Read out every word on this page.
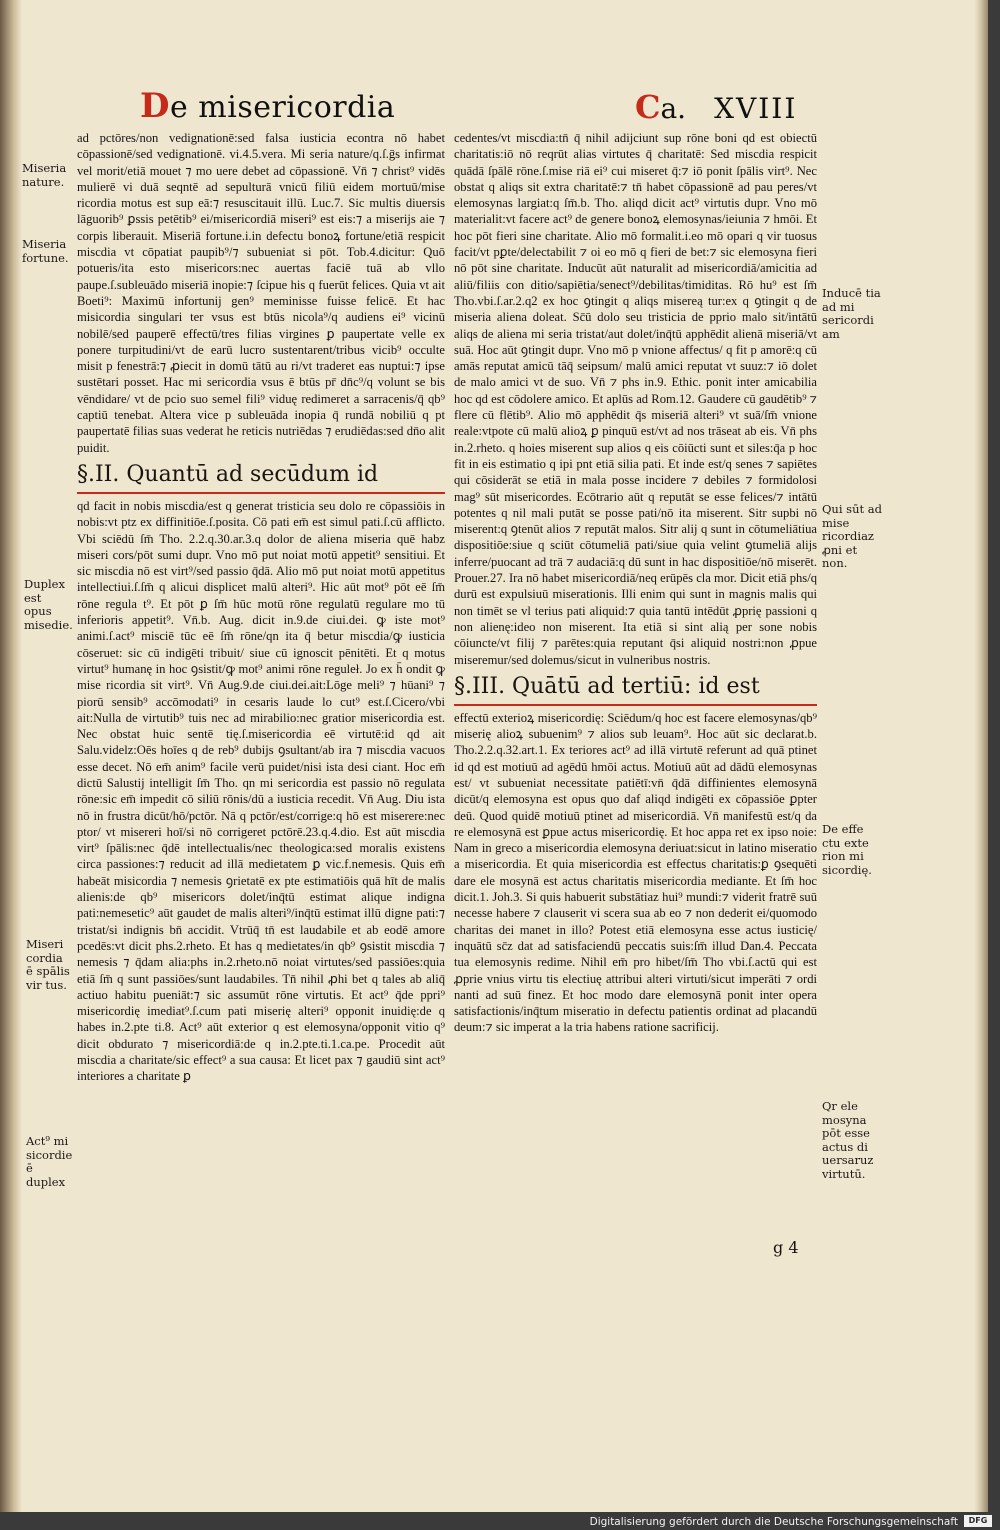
De misericordia	Ca. XVIII

ad pctōres/non vedignationē:sed falsa iusticia econtra nō habet cōpassionē/sed vedignationē. vi.4.5.vera. Mi seria nature/q.ſ.ḡs infirmat vel morit/etiā mouet ⁊ mo uere debet ad cōpassionē. Vn̄ ⁊ christ⁹ vidēs mulierē vi duā seqntē ad sepulturā vnicū filiū eidem mortuū/mise ricordia motus est sup eā:⁊ resuscitauit illū. Luc.7. Sic multis diuersis lāguorib⁹ ꝑssis petētib⁹ ei/misericordiā miseri⁹ est eis:⁊ a miserijs aie ⁊ corpis liberauit. Miseriā fortune.i.in defectu bonoꝝ fortune/etiā respicit miscdia vt cōpatiat paupib⁹/⁊ subueniat si pōt. Tob.4.dicitur: Quō potueris/ita esto misericors:nec auertas faciē tuā ab vllo paupe.ſ.subleuādo miseriā inopie:⁊ ſcipue his q fuerūt felices. Quia vt ait Boeti⁹: Maximū infortunij gen⁹ meminisse fuisse felicē. Et hac misicordia singulari ter vsus est btūs nicola⁹/q audiens ei⁹ vicinū nobilē/sed pauperē effectū/tres filias virgines ꝑ paupertate velle ex ponere turpitudini/vt de earū lucro sustentarent/tribus vicib⁹ occulte misit p fenestrā:⁊ ꝓiecit in domū tātū au ri/vt traderet eas nuptui:⁊ ipse sustētari posset. Hac mi sericordia vsus ē btūs pr̄ dn̄c⁹/q volunt se bis vēndidare/ vt de pcio suo semel fili⁹ viduę redimeret a sarracenis/q̄ qb⁹ captiū tenebat. Altera vice p subleuāda inopia q̄ rundā nobiliū q pt paupertatē filias suas vederat he reticis nutriēdas ⁊ erudiēdas:sed dn̄o alit puidit.

§.II. Quantū ad secūdum id

qd facit in nobis miscdia/est q generat tristicia seu dolo re cōpassiōis in nobis:vt ptz ex diffinitiōe.ſ.posita. Cō pati em̄ est simul pati.ſ.cū afflicto. Vbi sciēdū ſm̄ Tho. 2.2.q.30.ar.3.q dolor de aliena miseria quē habz miseri cors/pōt sumi dupr. Vno mō put noiat motū appetit⁹ sensitiui. Et sic miscdia nō est virt⁹/sed passio q̄dā. Alio mō put noiat motū appetitus intellectiui.ſ.ſm̄ q alicui displicet malū alteri⁹. Hic aūt mot⁹ pōt eē ſm̄ rōne regula t⁹. Et pōt ꝑ ſm̄ hūc motū rōne regulatū regulare mo tū inferioris appetit⁹. Vn̄.b. Aug. dicit in.9.de ciui.dei. ꝙ iste mot⁹ animi.ſ.act⁹ misciē tūc eē ſm̄ rōne/qn ita q̄ betur miscdia/ꝙ iusticia cōseruet: sic cū indigēti tribuit/ siue cū ignoscit pēnitēti. Et q motus virtut⁹ humanę in hoc ꝯsistit/ꝙ mot⁹ animi rōne reguleł. Jo ex h̄ ondit ꝙ mise ricordia sit virt⁹. Vn̄ Aug.9.de ciui.dei.ait:Lōge meli⁹ ⁊ hūani⁹ ⁊ piorū sensib⁹ accōmodati⁹ in cesaris laude lo cut⁹ est.ſ.Cicero/vbi ait:Nulla de virtutib⁹ tuis nec ad mirabilio:nec gratior misericordia est. Nec obstat huic sentē tię.ſ.misericordia eē virtutē:id qd ait Salu.videlz:Oēs hoīes q de reb⁹ dubijs ꝯsultant/ab ira ⁊ miscdia vacuos esse decet. Nō em̄ anim⁹ facile verū puidet/nisi ista desi ciant. Hoc em̄ dictū Salustij intelligit ſm̄ Tho. qn mi sericordia est passio nō regulata rōne:sic em̄ impedit cō siliū rōnis/dū a iusticia recedit. Vn̄ Aug. Diu ista nō in frustra dicūt/hō/pctōr. Nā q pctōr/est/corrige:q hō est miserere:nec ptor/ vt misereri hoī/si nō corrigeret pctōrē.23.q.4.dio. Est aūt miscdia virt⁹ ſpālis:nec q̄dē intellectualis/nec theologica:sed moralis existens circa passiones:⁊ reducit ad illā medietatem ꝑ vic.f.nemesis. Quis em̄ habeāt misicordia ⁊ nemesis ꝯrietatē ex pte estimatiōis quā hīt de malis alienis:de qb⁹ misericors dolet/inq̄tū estimat alique indigna pati:nemesetic⁹ aūt gaudet de malis alteri⁹/inq̄tū estimat illū digne pati:⁊ tristat/si indignis bn̄ accidit. Vtrūq̄ tn̄ est laudabile et ab eodē amore pcedēs:vt dicit phs.2.rheto. Et has q medietates/in qb⁹ ꝯsistit miscdia ⁊ nemesis ⁊ q̄dam alia:phs in.2.rheto.nō noiat virtutes/sed passiōes:quia etiā ſm̄ q sunt passiōes/sunt laudabiles. Tn̄ nihil ꝓhi bet q tales ab aliq̄ actiuo habitu pueniāt:⁊ sic assumūt rōne virtutis. Et act⁹ q̄de ppri⁹ misericordię imediat⁹.ſ.cum pati miserię alteri⁹ opponit inuidię:de q habes in.2.pte ti.8. Act⁹ aūt exterior q est elemosyna/opponit vitio q⁹ dicit obdurato ⁊ misericordiā:de q in.2.pte.ti.1.ca.pe. Procedit aūt miscdia a charitate/sic effect⁹ a sua causa: Et licet pax ⁊ gaudiū sint act⁹ interiores a charitate ꝑ

cedentes/vt miscdia:tn̄ q̄ nihil adijciunt sup rōne boni qd est obiectū charitatis:iō nō reqrūt alias virtutes q̄ charitatē: Sed miscdia respicit quādā ſpālē rōne.ſ.mise riā ei⁹ cui miseret q̄:⁊ iō ponit ſpālis virt⁹. Nec obstat q aliqs sit extra charitatē:⁊ tn̄ habet cōpassionē ad pau peres/vt elemosynas largiat:q ſm̄.b. Tho. aliqd dicit act⁹ virtutis dupr. Vno mō materialit:vt facere act⁹ de genere bonoꝝ elemosynas/ieiunia ⁊ hmōi. Et hoc pōt fieri sine charitate. Alio mō formalit.i.eo mō opari q vir tuosus facit/vt pꝑte/delectabilit ⁊ oi eo mō q fieri de bet:⁊ sic elemosyna fieri nō pōt sine charitate. Inducūt aūt naturalit ad misericordiā/amicitia ad aliū/filiis con ditio/sapiētia/senect⁹/debilitas/timiditas. Rō hu⁹ est ſm̄ Tho.vbi.ſ.ar.2.q2 ex hoc ꝯtingit q aliqs misereą tur:ex q ꝯtingit q de miseria aliena doleat. Sc̄ū dolo seu tristicia de pprio malo sit/intātū aliqs de aliena mi seria tristat/aut dolet/inq̄tū apphēdit alienā miseriā/vt suā. Hoc aūt ꝯtingit dupr. Vno mō p vnione affectus/ q fit p amorē:q cū amās reputat amicū tāq̄ seipsum/ malū amici reputat vt suuz:⁊ iō dolet de malo amici vt de suo. Vn̄ ⁊ phs in.9. Ethic. ponit inter amicabilia hoc qd est cōdolere amico. Et aplūs ad Rom.12. Gaudere cū gaudētib⁹ ⁊ flere cū flētib⁹. Alio mō apphēdit q̄s miseriā alteri⁹ vt suā/ſm̄ vnione reale:vtpote cū malū alioꝝ ꝑ pinquū est/vt ad nos trāseat ab eis. Vn̄ phs in.2.rheto. q hoies miserent sup alios q eis cōiūcti sunt et siles:q̄a p hoc fit in eis estimatio q ipi pnt etiā silia pati. Et inde est/q senes ⁊ sapiētes qui cōsiderāt se etiā in mala posse incidere ⁊ debiles ⁊ formidolosi mag⁹ sūt misericordes. Ecōtrario aūt q reputāt se esse felices/⁊ intātū potentes q nil mali putāt se posse pati/nō ita miserent. Sitr supbi nō miserent:q ꝯtenūt alios ⁊ reputāt malos. Sitr alij q sunt in cōtumeliātiua dispositiōe:siue q sciūt cōtumeliā pati/siue quia velint ꝯtumeliā alijs inferre/puocant ad trā ⁊ audaciā:q dū sunt in hac dispositiōe/nō miserēt. Prouer.27. Ira nō habet misericordiā/neq erūpēs cla mor. Dicit etiā phs/q durū est expulsiuū miserationis. Illi enim qui sunt in magnis malis qui non timēt se vl terius pati aliquid:⁊ quia tantū intēdūt ꝓprię passioni q non alienę:ideo non miserent. Ita etiā si sint alią per sone nobis cōiuncte/vt filij ⁊ parētes:quia reputant q̄si aliquid nostri:non ꝓpue miseremur/sed dolemus/sicut in vulneribus nostris.

§.III. Quātū ad tertiū: id est

effectū exterioꝝ misericordię: Sciēdum/q hoc est facere elemosynas/qb⁹ miserię alioꝝ subuenim⁹ ⁊ alios sub leuam⁹. Hoc aūt sic declarat.b. Tho.2.2.q.32.art.1. Ex teriores act⁹ ad illā virtutē referunt ad quā ptinet id qd est motiuū ad agēdū hmōi actus. Motiuū aūt ad dādū elemosynas est/ vt subueniat necessitate patiētī:vn̄ q̄dā diffinientes elemosynā dicūt/q elemosyna est opus quo daf aliqd indigēti ex cōpassiōe ꝑpter deū. Quod quidē motiuū ptinet ad misericordiā. Vn̄ manifestū est/q da re elemosynā est ꝑpue actus misericordię. Et hoc appa ret ex ipso noie: Nam in greco a misericordia elemosyna deriuat:sicut in latino miseratio a misericordia. Et quia misericordia est effectus charitatis:ꝑ ꝯsequēti dare ele mosynā est actus charitatis misericordia mediante. Et ſm̄ hoc dicit.1. Joh.3. Si quis habuerit substātiaz hui⁹ mundi:⁊ viderit fratrē suū necesse habere ⁊ clauserit vi scera sua ab eo ⁊ non dederit ei/quomodo charitas dei manet in illo? Potest etiā elemosyna esse actus iusticię/ inquātū sc̄z dat ad satisfaciendū peccatis suis:ſm̄ illud Dan.4. Peccata tua elemosynis redime. Nihil em̄ pro hibet/ſm̄ Tho vbi.ſ.actū qui est ꝓprie vnius virtu tis electiuę attribui alteri virtuti/sicut imperāti ⁊ ordi nanti ad suū finez. Et hoc modo dare elemosynā ponit inter opera satisfactionis/inq̄tum miseratio in defectu patientis ordinat ad placandū deum:⁊ sic imperat a la tria habens ratione sacrificij.

Miseria nature.
Miseria fortune.
Duplex est opus misedie.
Miseri cordia ē spālis vir tus.
Act⁹ mi sicordie ē duplex
Inducē tia ad mi sericordi am
Qui sūt ad mise ricordiaz ꝓni et non.
De effe ctu exte rion mi sicordię.
Qr ele mosyna pōt esse actus di uersaruz virtutū.
g 4
Digitalisierung gefördert durch die Deutsche Forschungsgemeinschaft	DFG
